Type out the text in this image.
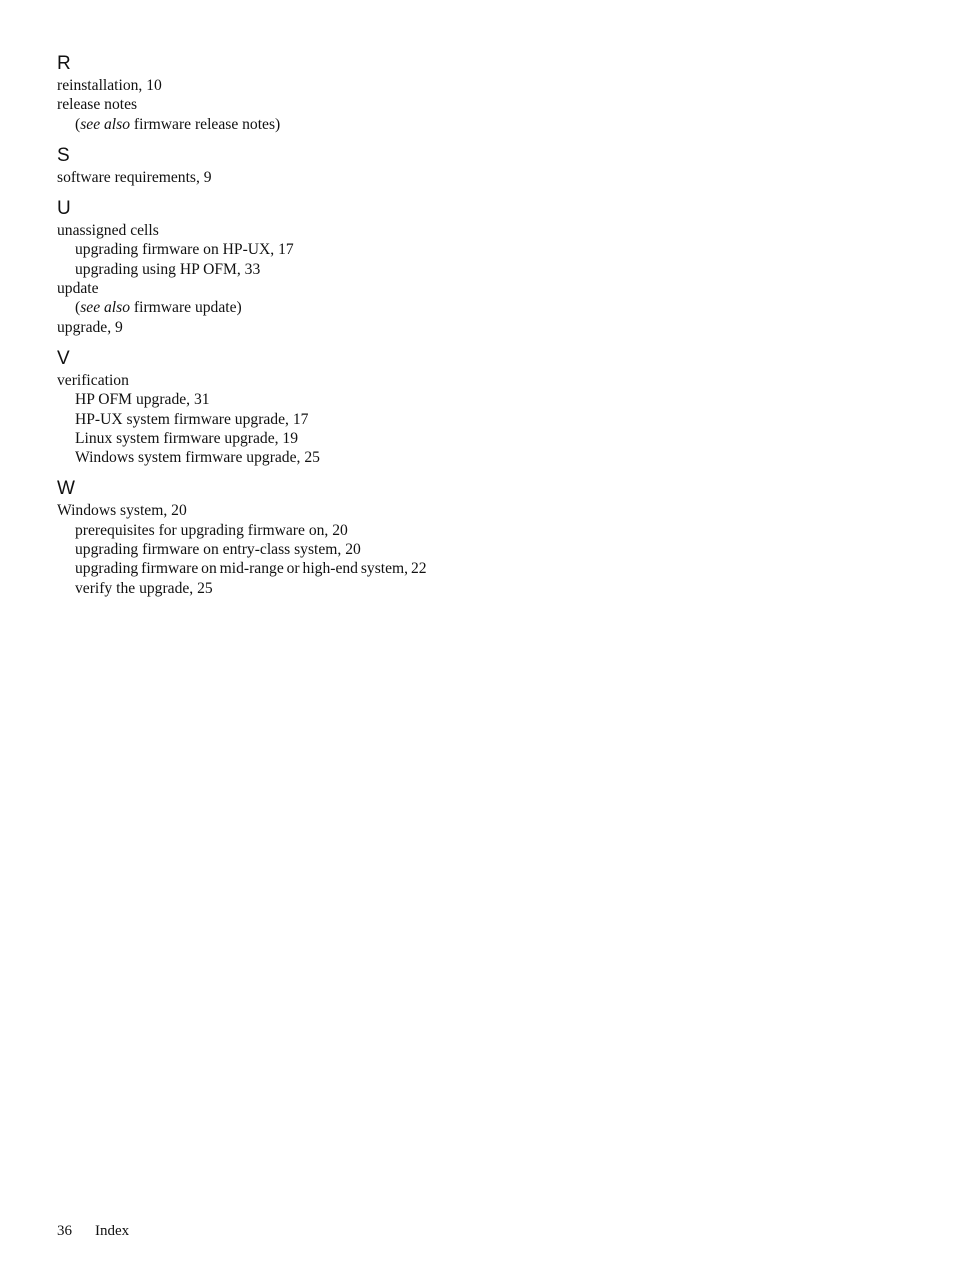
R
reinstallation, 10
release notes
(see also firmware release notes)
S
software requirements, 9
U
unassigned cells
upgrading firmware on HP-UX, 17
upgrading using HP OFM, 33
update
(see also firmware update)
upgrade, 9
V
verification
HP OFM upgrade, 31
HP-UX system firmware upgrade, 17
Linux system firmware upgrade, 19
Windows system firmware upgrade, 25
W
Windows system, 20
prerequisites for upgrading firmware on, 20
upgrading firmware on entry-class system, 20
upgrading firmware on mid-range or high-end system, 22
verify the upgrade, 25
36 Index
